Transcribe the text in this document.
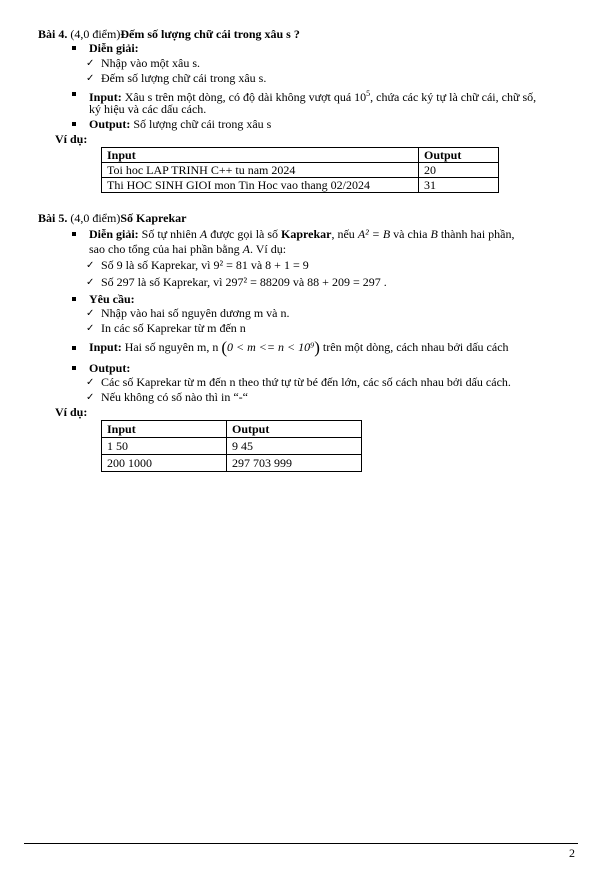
Bài 4. (4,0 điểm)Đếm số lượng chữ cái trong xâu s ?
Diễn giải:
✓ Nhập vào một xâu s.
✓ Đếm số lượng chữ cái trong xâu s.
Input: Xâu s trên một dòng, có độ dài không vượt quá $10^5$, chứa các ký tự là chữ cái, chữ số,
ký hiệu và các dấu cách.
Output: Số lượng chữ cái trong xâu s
Ví dụ:
Input	Output
Toi hoc LAP TRINH C++ tu nam 2024	20
Thi HOC SINH GIOI mon Tin Hoc vao thang 02/2024	31
Bài 5. (4,0 điểm)Số Kaprekar
Diễn giải: Số tự nhiên A được gọi là số Kaprekar, nếu A² = B và chia B thành hai phần,
sao cho tổng của hai phần bằng A. Ví dụ:
✓ Số 9 là số Kaprekar, vì 9² = 81 và 8 + 1 = 9
✓ Số 297 là số Kaprekar, vì 297² = 88209 và 88 + 209 = 297 .
Yêu cầu:
✓ Nhập vào hai số nguyên dương m và n.
✓ In các số Kaprekar từ m đến n
Input: Hai số nguyên m, n (0 < m <= n < 10⁹) trên một dòng, cách nhau bởi dấu cách
Output:
✓ Các số Kaprekar từ m đến n theo thứ tự từ bé đến lớn, các số cách nhau bởi dấu cách.
✓ Nếu không có số nào thì in “-“
Ví dụ:
Input	Output
1 50	9 45
200 1000	297 703 999
2
